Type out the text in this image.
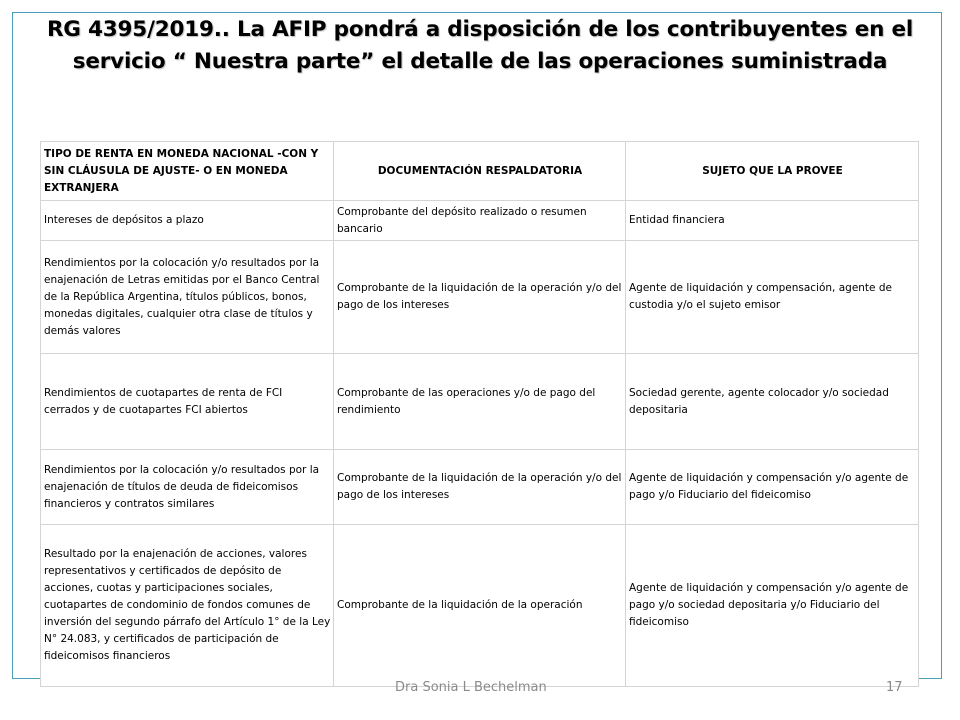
RG 4395/2019.. La AFIP pondrá a disposición de los contribuyentes en el servicio “ Nuestra parte” el detalle de las operaciones suministrada
TIPO DE RENTA EN MONEDA NACIONAL -CON Y SIN CLÁUSULA DE AJUSTE- O EN MONEDA EXTRANJERA	DOCUMENTACIÓN RESPALDATORIA	SUJETO QUE LA PROVEE
Intereses de depósitos a plazo	Comprobante del depósito realizado o resumen bancario	Entidad financiera
Rendimientos por la colocación y/o resultados por la enajenación de Letras emitidas por el Banco Central de la República Argentina, títulos públicos, bonos, monedas digitales, cualquier otra clase de títulos y demás valores	Comprobante de la liquidación de la operación y/o del pago de los intereses	Agente de liquidación y compensación, agente de custodia y/o el sujeto emisor
Rendimientos de cuotapartes de renta de FCI cerrados y de cuotapartes FCI abiertos	Comprobante de las operaciones y/o de pago del rendimiento	Sociedad gerente, agente colocador y/o sociedad depositaria
Rendimientos por la colocación y/o resultados por la enajenación de títulos de deuda de fideicomisos financieros y contratos similares	Comprobante de la liquidación de la operación y/o del pago de los intereses	Agente de liquidación y compensación y/o agente de pago y/o Fiduciario del fideicomiso
Resultado por la enajenación de acciones, valores representativos y certificados de depósito de acciones, cuotas y participaciones sociales, cuotapartes de condominio de fondos comunes de inversión del segundo párrafo del Artículo 1° de la Ley N° 24.083, y certificados de participación de fideicomisos financieros	Comprobante de la liquidación de la operación	Agente de liquidación y compensación y/o agente de pago y/o sociedad depositaria y/o Fiduciario del fideicomiso
Dra Sonia L Bechelman	17
